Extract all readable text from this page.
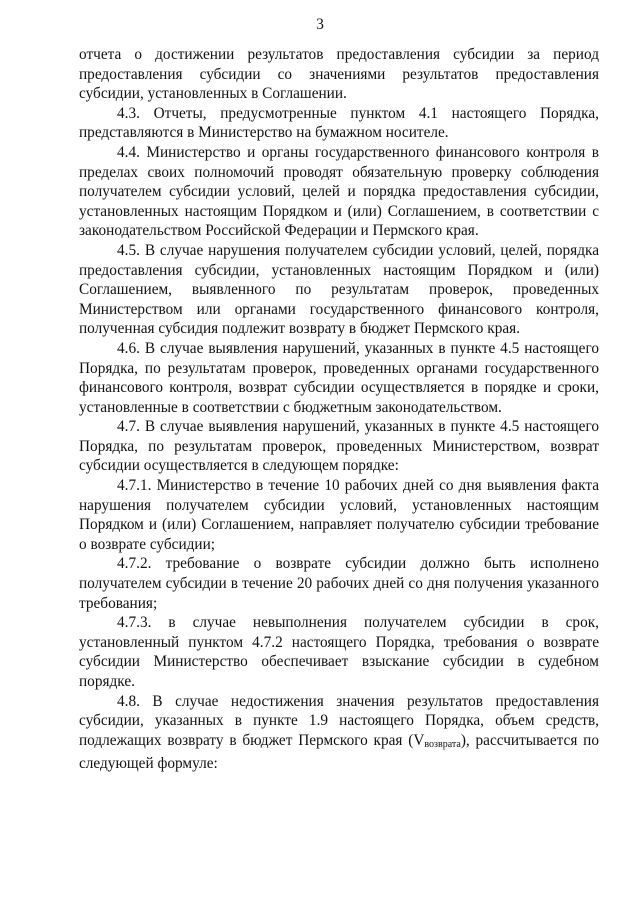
3

отчета о достижении результатов предоставления субсидии за период предоставления субсидии со значениями результатов предоставления субсидии, установленных в Соглашении.

4.3. Отчеты, предусмотренные пунктом 4.1 настоящего Порядка, представляются в Министерство на бумажном носителе.

4.4. Министерство и органы государственного финансового контроля в пределах своих полномочий проводят обязательную проверку соблюдения получателем субсидии условий, целей и порядка предоставления субсидии, установленных настоящим Порядком и (или) Соглашением, в соответствии с законодательством Российской Федерации и Пермского края.

4.5. В случае нарушения получателем субсидии условий, целей, порядка предоставления субсидии, установленных настоящим Порядком и (или) Соглашением, выявленного по результатам проверок, проведенных Министерством или органами государственного финансового контроля, полученная субсидия подлежит возврату в бюджет Пермского края.

4.6. В случае выявления нарушений, указанных в пункте 4.5 настоящего Порядка, по результатам проверок, проведенных органами государственного финансового контроля, возврат субсидии осуществляется в порядке и сроки, установленные в соответствии с бюджетным законодательством.

4.7. В случае выявления нарушений, указанных в пункте 4.5 настоящего Порядка, по результатам проверок, проведенных Министерством, возврат субсидии осуществляется в следующем порядке:

4.7.1. Министерство в течение 10 рабочих дней со дня выявления факта нарушения получателем субсидии условий, установленных настоящим Порядком и (или) Соглашением, направляет получателю субсидии требование о возврате субсидии;

4.7.2. требование о возврате субсидии должно быть исполнено получателем субсидии в течение 20 рабочих дней со дня получения указанного требования;

4.7.3. в случае невыполнения получателем субсидии в срок, установленный пунктом 4.7.2 настоящего Порядка, требования о возврате субсидии Министерство обеспечивает взыскание субсидии в судебном порядке.

4.8. В случае недостижения значения результатов предоставления субсидии, указанных в пункте 1.9 настоящего Порядка, объем средств, подлежащих возврату в бюджет Пермского края $(V_{возврата})$, рассчитывается по следующей формуле:
